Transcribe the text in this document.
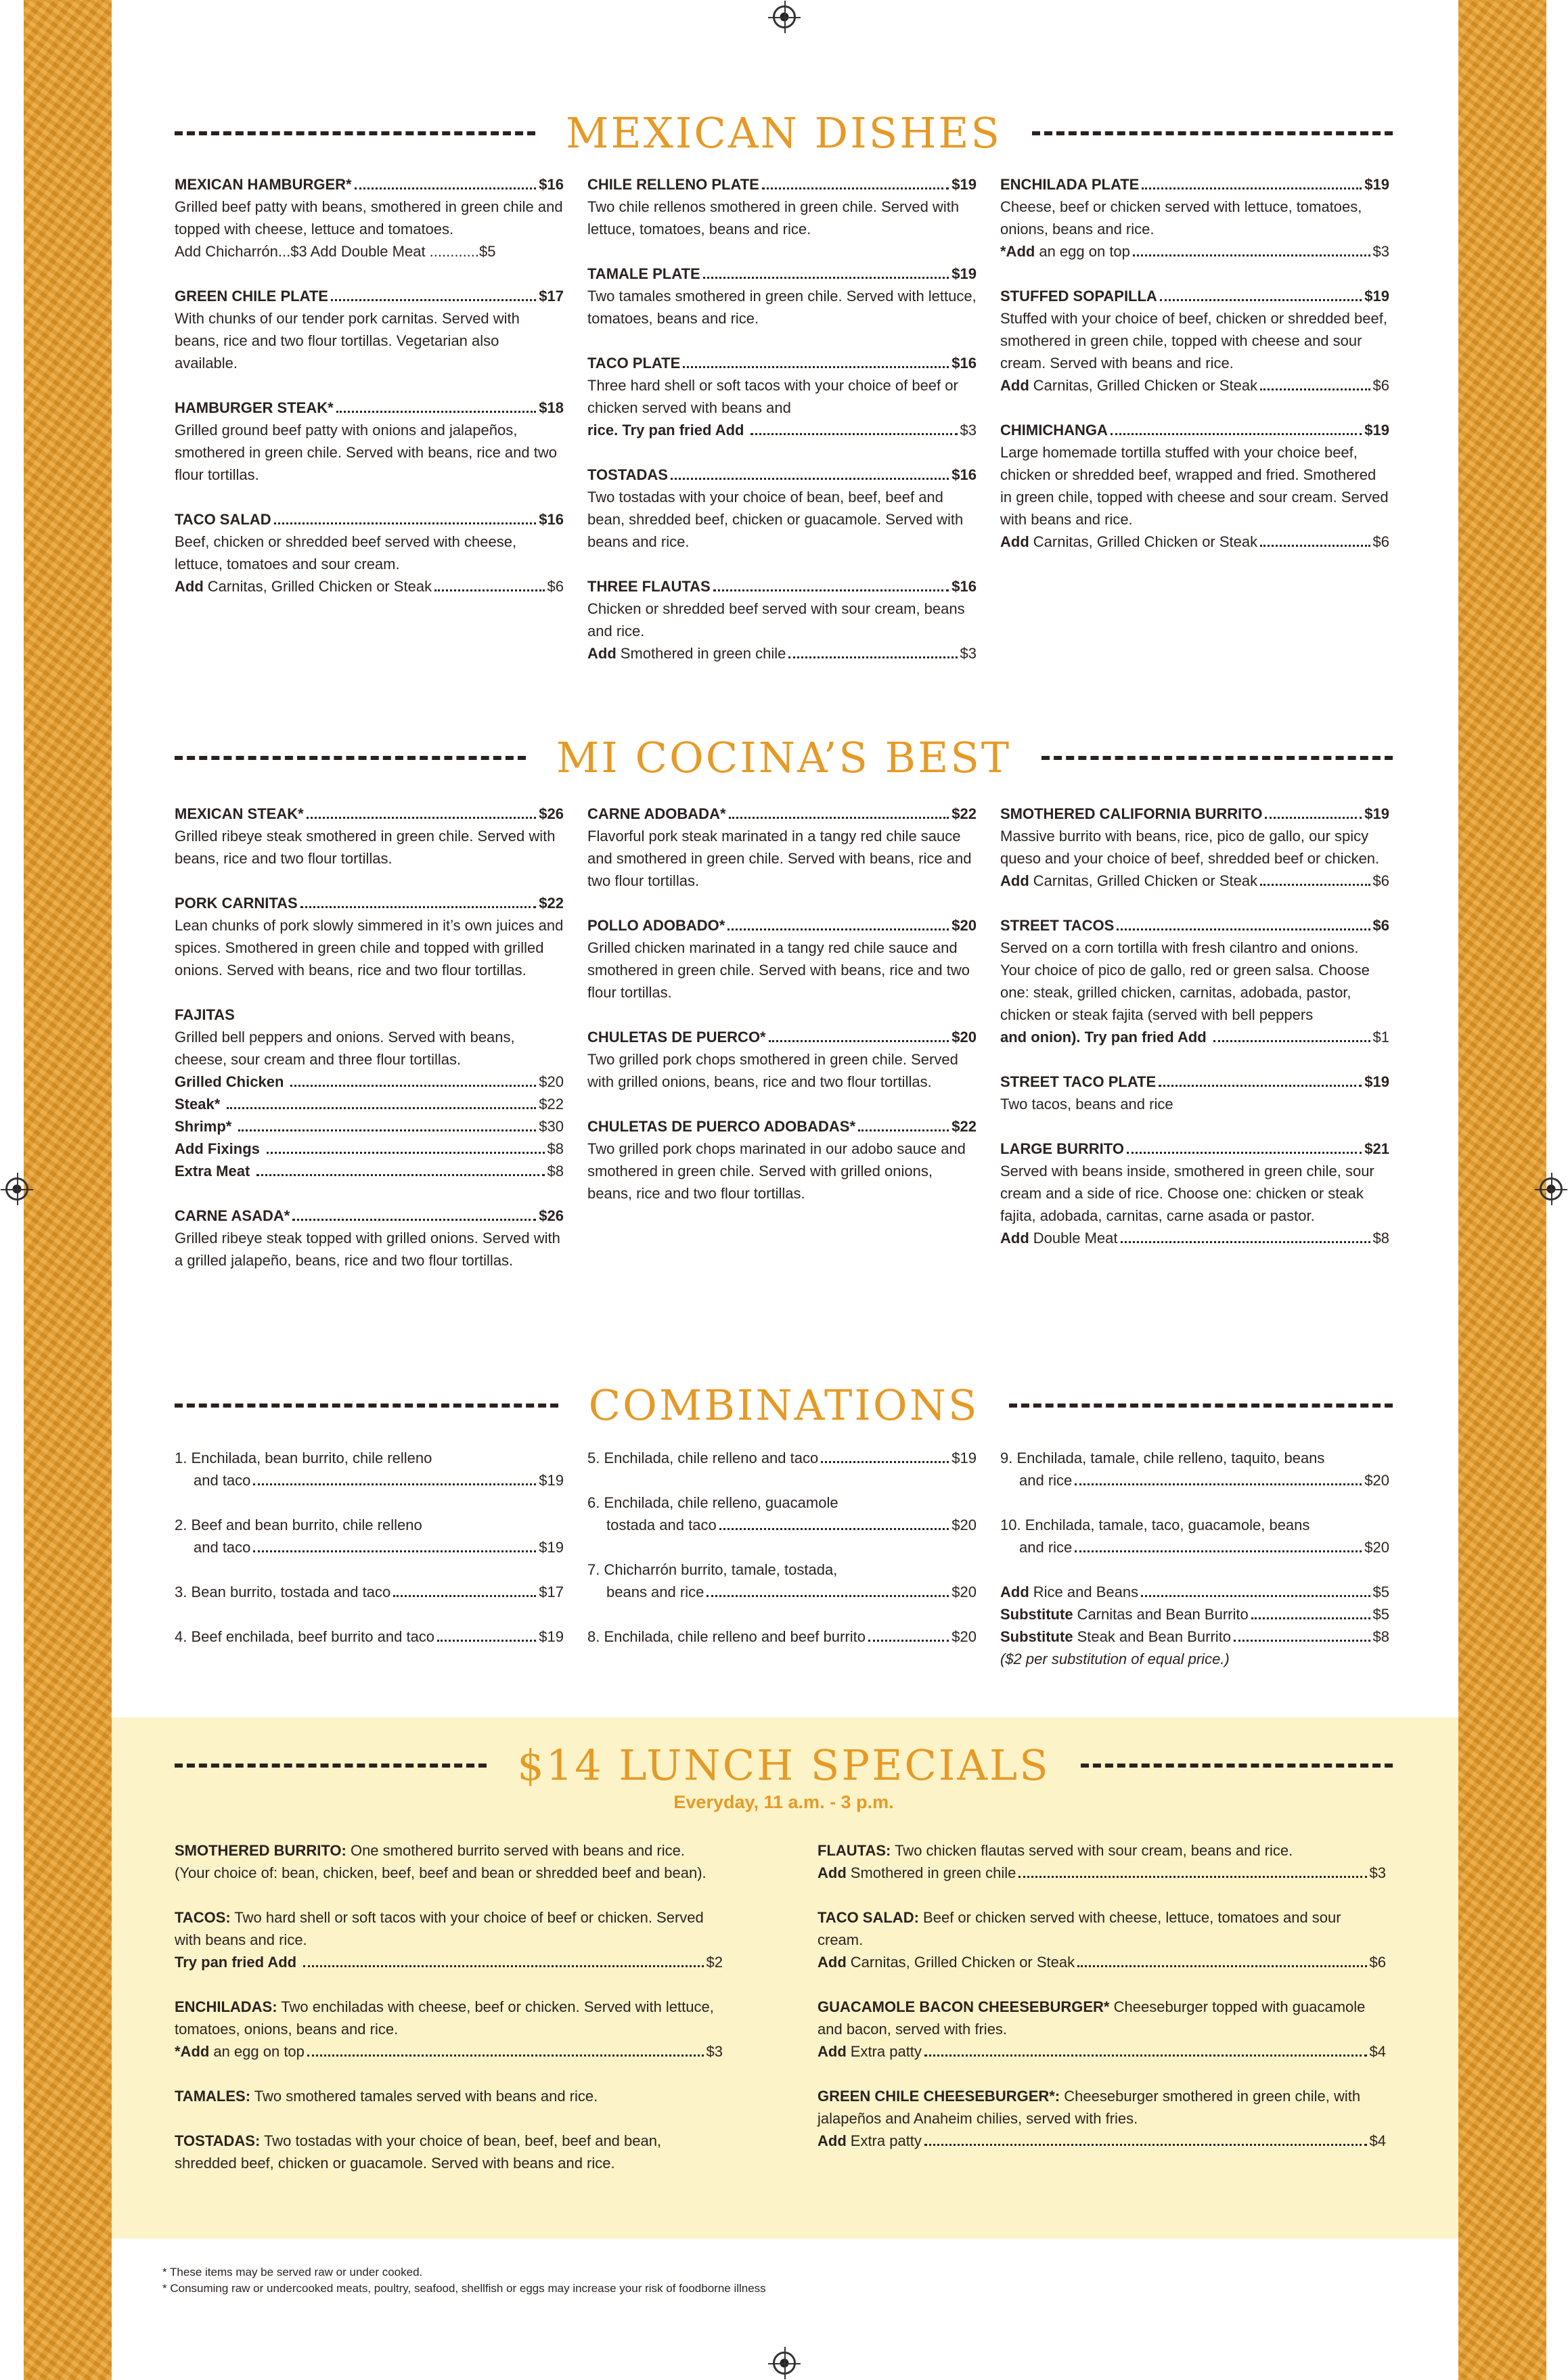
MEXICAN DISHES
MEXICAN HAMBURGER*	$16
Grilled beef patty with beans, smothered in green chile and topped with cheese, lettuce and tomatoes.
Add Chicharrón...$3 Add Double Meat ............$5
GREEN CHILE PLATE	$17
With chunks of our tender pork carnitas. Served with beans, rice and two flour tortillas. Vegetarian also available.
HAMBURGER STEAK*	$18
Grilled ground beef patty with onions and jalapeños, smothered in green chile. Served with beans, rice and two flour tortillas.
TACO SALAD	$16
Beef, chicken or shredded beef served with cheese, lettuce, tomatoes and sour cream.
Add Carnitas, Grilled Chicken or Steak	$6
CHILE RELLENO PLATE	$19
Two chile rellenos smothered in green chile. Served with lettuce, tomatoes, beans and rice.
TAMALE PLATE	$19
Two tamales smothered in green chile. Served with lettuce, tomatoes, beans and rice.
TACO PLATE	$16
Three hard shell or soft tacos with your choice of beef or chicken served with beans and
rice. Try pan fried Add	$3
TOSTADAS	$16
Two tostadas with your choice of bean, beef, beef and bean, shredded beef, chicken or guacamole. Served with beans and rice.
THREE FLAUTAS	$16
Chicken or shredded beef served with sour cream, beans and rice.
Add Smothered in green chile	$3
ENCHILADA PLATE	$19
Cheese, beef or chicken served with lettuce, tomatoes, onions, beans and rice.
*Add an egg on top	$3
STUFFED SOPAPILLA	$19
Stuffed with your choice of beef, chicken or shredded beef, smothered in green chile, topped with cheese and sour cream. Served with beans and rice.
Add Carnitas, Grilled Chicken or Steak	$6
CHIMICHANGA	$19
Large homemade tortilla stuffed with your choice beef, chicken or shredded beef, wrapped and fried. Smothered in green chile, topped with cheese and sour cream. Served with beans and rice.
Add Carnitas, Grilled Chicken or Steak	$6
MI COCINA’S BEST
MEXICAN STEAK*	$26
Grilled ribeye steak smothered in green chile. Served with beans, rice and two flour tortillas.
PORK CARNITAS	$22
Lean chunks of pork slowly simmered in it’s own juices and spices. Smothered in green chile and topped with grilled onions. Served with beans, rice and two flour tortillas.
FAJITAS
Grilled bell peppers and onions. Served with beans, cheese, sour cream and three flour tortillas.
Grilled Chicken	$20
Steak*	$22
Shrimp*	$30
Add Fixings	$8
Extra Meat	$8
CARNE ASADA*	$26
Grilled ribeye steak topped with grilled onions. Served with a grilled jalapeño, beans, rice and two flour tortillas.
CARNE ADOBADA*	$22
Flavorful pork steak marinated in a tangy red chile sauce and smothered in green chile. Served with beans, rice and two flour tortillas.
POLLO ADOBADO*	$20
Grilled chicken marinated in a tangy red chile sauce and smothered in green chile. Served with beans, rice and two flour tortillas.
CHULETAS DE PUERCO*	$20
Two grilled pork chops smothered in green chile. Served with grilled onions, beans, rice and two flour tortillas.
CHULETAS DE PUERCO ADOBADAS*	$22
Two grilled pork chops marinated in our adobo sauce and smothered in green chile. Served with grilled onions, beans, rice and two flour tortillas.
SMOTHERED CALIFORNIA BURRITO	$19
Massive burrito with beans, rice, pico de gallo, our spicy queso and your choice of beef, shredded beef or chicken.
Add Carnitas, Grilled Chicken or Steak	$6
STREET TACOS	$6
Served on a corn tortilla with fresh cilantro and onions. Your choice of pico de gallo, red or green salsa. Choose one: steak, grilled chicken, carnitas, adobada, pastor, chicken or steak fajita (served with bell peppers
and onion). Try pan fried Add	$1
STREET TACO PLATE	$19
Two tacos, beans and rice
LARGE BURRITO	$21
Served with beans inside, smothered in green chile, sour cream and a side of rice. Choose one: chicken or steak fajita, adobada, carnitas, carne asada or pastor.
Add Double Meat	$8
COMBINATIONS
1. Enchilada, bean burrito, chile relleno
and taco	$19
2. Beef and bean burrito, chile relleno
and taco	$19
3. Bean burrito, tostada and taco	$17
4. Beef enchilada, beef burrito and taco	$19
5. Enchilada, chile relleno and taco	$19
6. Enchilada, chile relleno, guacamole
tostada and taco	$20
7. Chicharrón burrito, tamale, tostada,
beans and rice	$20
8. Enchilada, chile relleno and beef burrito	$20
9. Enchilada, tamale, chile relleno, taquito, beans
and rice	$20
10. Enchilada, tamale, taco, guacamole, beans
and rice	$20
Add Rice and Beans	$5
Substitute Carnitas and Bean Burrito	$5
Substitute Steak and Bean Burrito	$8
($2 per substitution of equal price.)
$14 LUNCH SPECIALS
Everyday, 11 a.m. - 3 p.m.
SMOTHERED BURRITO: One smothered burrito served with beans and rice. (Your choice of: bean, chicken, beef, beef and bean or shredded beef and bean).
TACOS: Two hard shell or soft tacos with your choice of beef or chicken. Served with beans and rice.
Try pan fried Add	$2
ENCHILADAS: Two enchiladas with cheese, beef or chicken. Served with lettuce, tomatoes, onions, beans and rice.
*Add an egg on top	$3
TAMALES: Two smothered tamales served with beans and rice.
TOSTADAS: Two tostadas with your choice of bean, beef, beef and bean, shredded beef, chicken or guacamole. Served with beans and rice.
FLAUTAS: Two chicken flautas served with sour cream, beans and rice.
Add Smothered in green chile	$3
TACO SALAD: Beef or chicken served with cheese, lettuce, tomatoes and sour cream.
Add Carnitas, Grilled Chicken or Steak	$6
GUACAMOLE BACON CHEESEBURGER* Cheeseburger topped with guacamole and bacon, served with fries.
Add Extra patty	$4
GREEN CHILE CHEESEBURGER*: Cheeseburger smothered in green chile, with jalapeños and Anaheim chilies, served with fries.
Add Extra patty	$4
* These items may be served raw or under cooked.
* Consuming raw or undercooked meats, poultry, seafood, shellfish or eggs may increase your risk of foodborne illness
